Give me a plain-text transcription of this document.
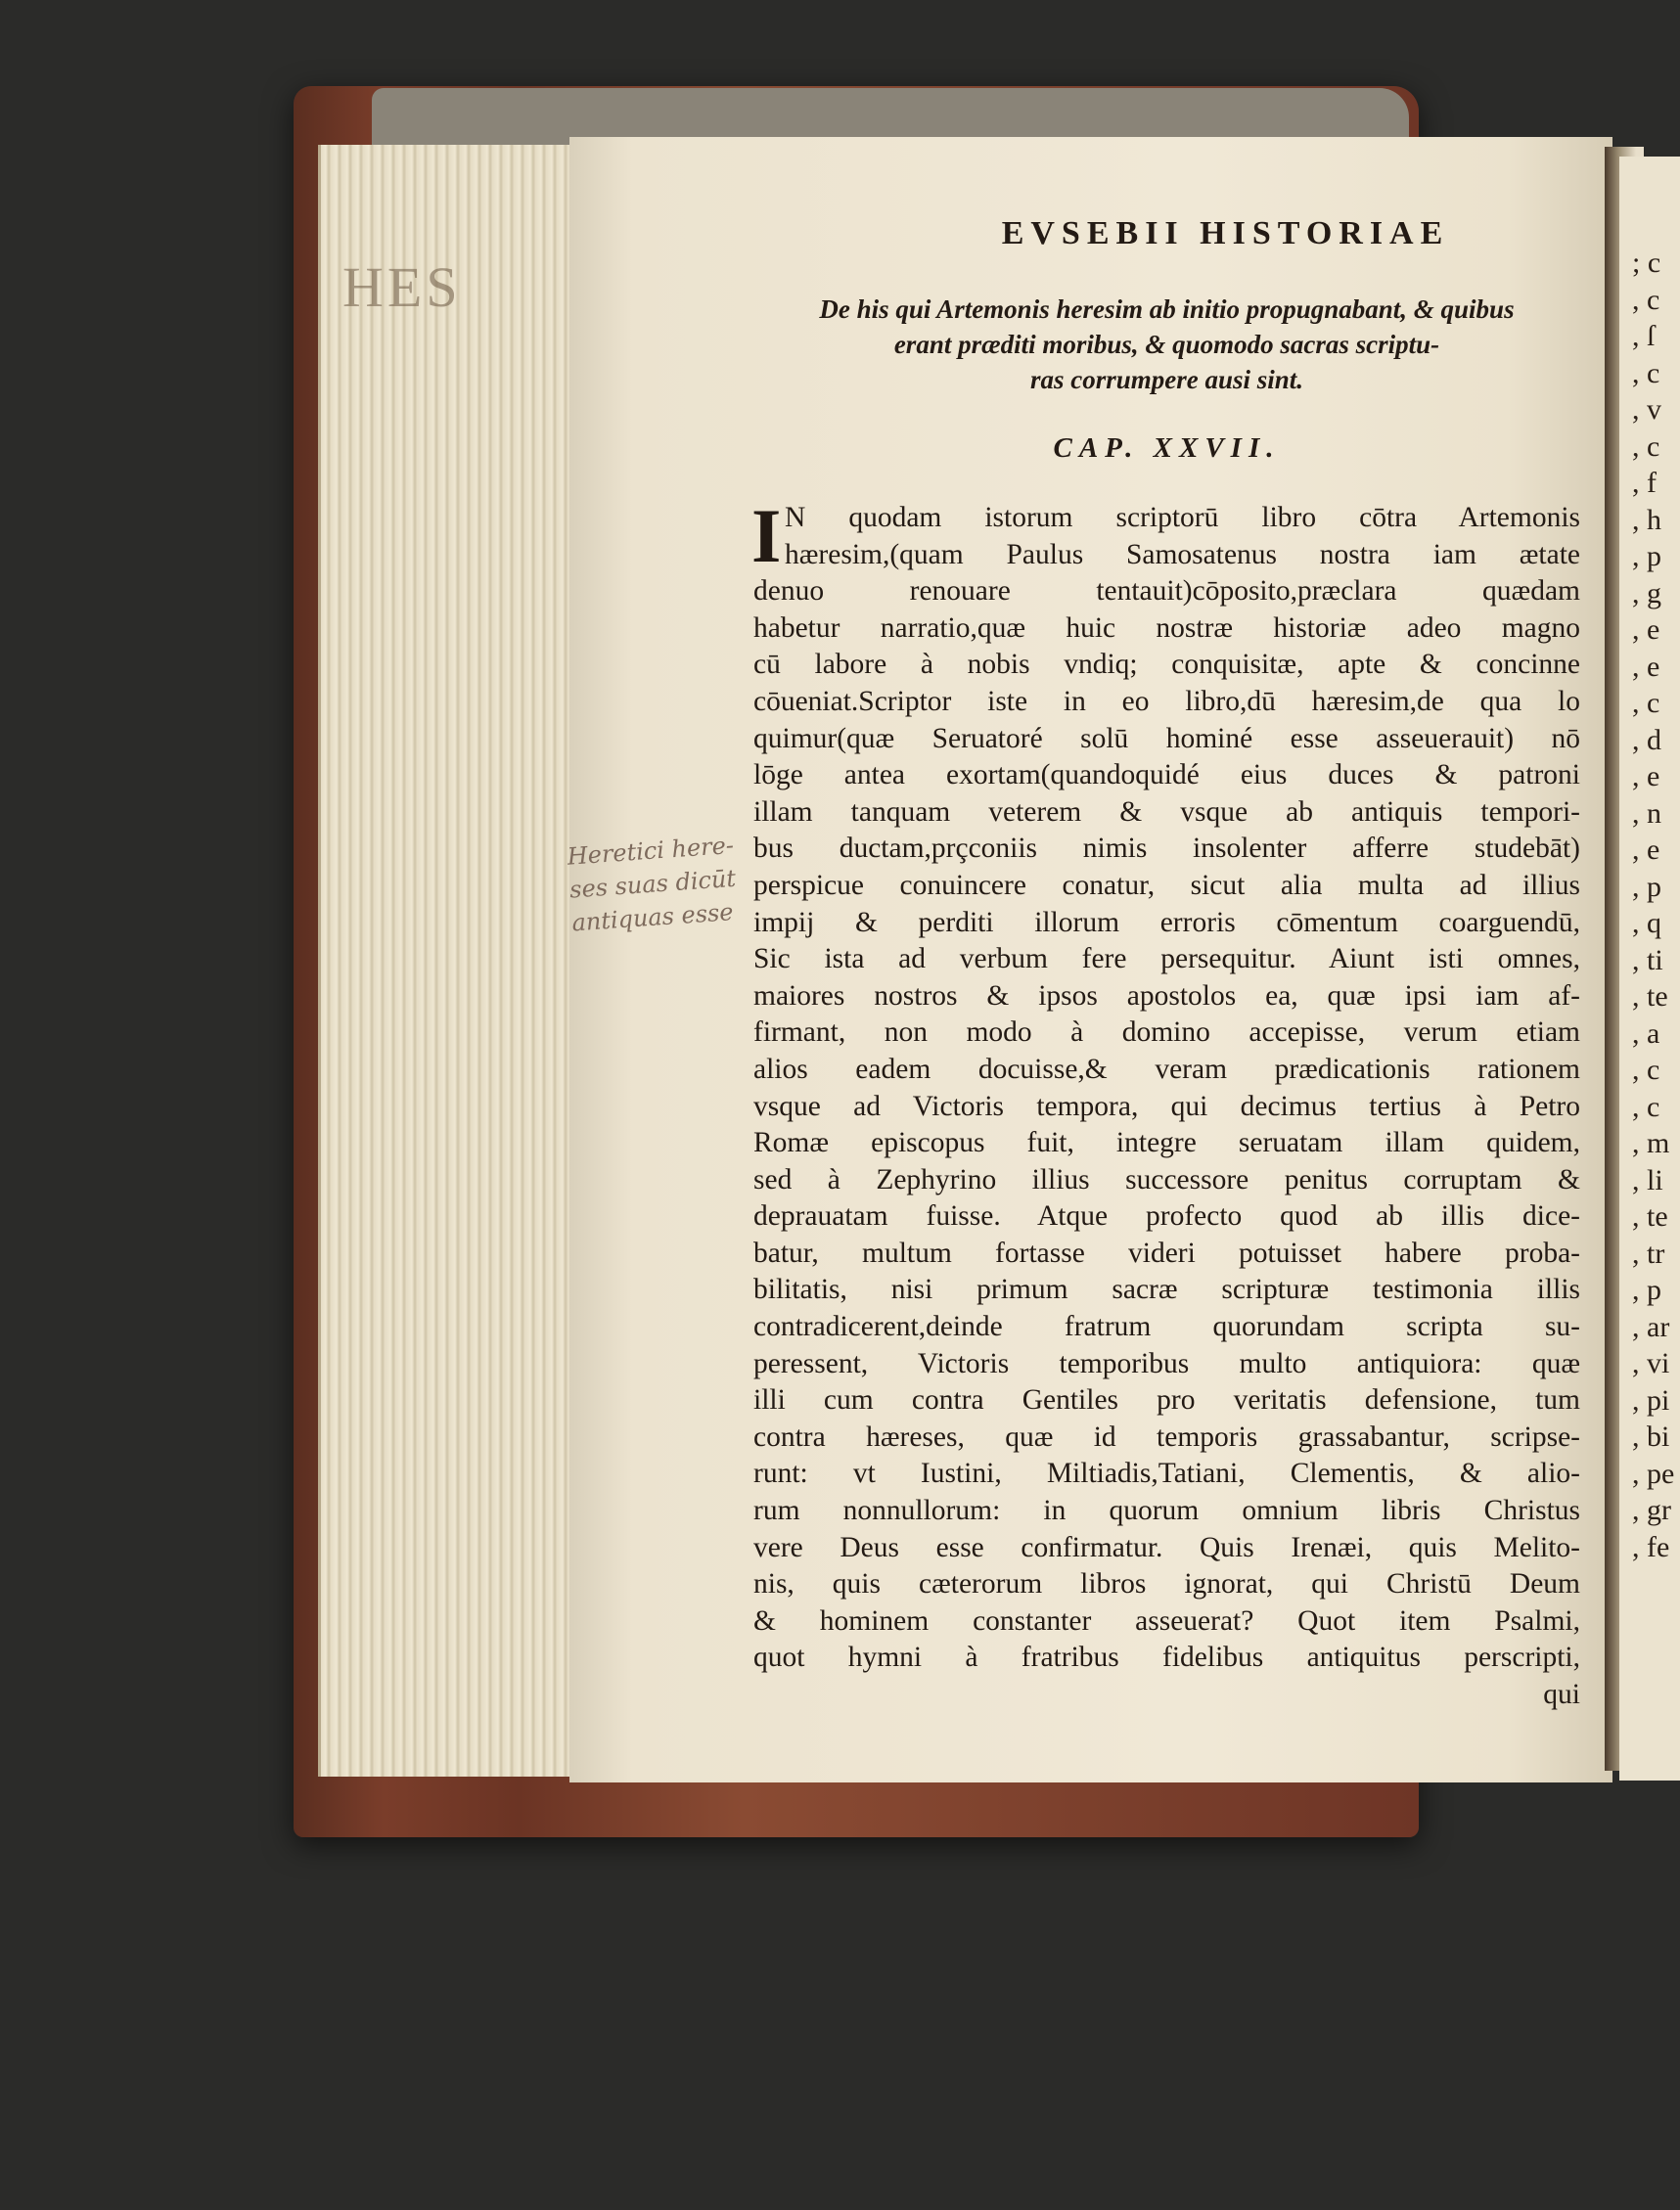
HES	; c
, c
, ſ
, c
, v
, c
, f
, h
, p
, g
, e
, e
, c
, d
, e
, n
, e
, p
, q
, ti
, te
, a
, c
, c
, m
, li
, te
, tr
, p
, ar
, vi
, pi
, bi
, pe
, gr
, fe
EVSEBII HISTORIAE
De his qui Artemonis heresim ab initio propugnabant, & quibus
erant præditi moribus, & quomodo sacras scriptu-
ras corrumpere ausi sint.
CAP. XXVII.
I N quodam istorum scriptorū libro cōtra Artemonis
hæresim,(quam Paulus Samosatenus nostra iam ætate
denuo renouare tentauit)cōposito,præclara quædam
habetur narratio,quæ huic nostræ historiæ adeo magno
cū labore à nobis vndiq; conquisitæ, apte & concinne
cōueniat.Scriptor iste in eo libro,dū hæresim,de qua lo
quimur(quæ Seruatoré solū hominé esse asseuerauit) nō
lōge antea exortam(quandoquidé eius duces & patroni
illam tanquam veterem & vsque ab antiquis tempori-
bus ductam,prçconiis nimis insolenter afferre studebāt)
perspicue conuincere conatur, sicut alia multa ad illius
impij & perditi illorum erroris cōmentum coarguendū,
Sic ista ad verbum fere persequitur. Aiunt isti omnes,
maiores nostros & ipsos apostolos ea, quæ ipsi iam af-
firmant, non modo à domino accepisse, verum etiam
alios eadem docuisse,& veram prædicationis rationem
vsque ad Victoris tempora, qui decimus tertius à Petro
Romæ episcopus fuit, integre seruatam illam quidem,
sed à Zephyrino illius successore penitus corruptam &
deprauatam fuisse. Atque profecto quod ab illis dice-
batur, multum fortasse videri potuisset habere proba-
bilitatis, nisi primum sacræ scripturæ testimonia illis
contradicerent,deinde fratrum quorundam scripta su-
peressent, Victoris temporibus multo antiquiora: quæ
illi cum contra Gentiles pro veritatis defensione, tum
contra hæreses, quæ id temporis grassabantur, scripse-
runt: vt Iustini, Miltiadis,Tatiani, Clementis, & alio-
rum nonnullorum: in quorum omnium libris Christus
vere Deus esse confirmatur. Quis Irenæi, quis Melito-
nis, quis cæterorum libros ignorat, qui Christū Deum
& hominem constanter asseuerat? Quot item Psalmi,
quot hymni à fratribus fidelibus antiquitus perscripti,
qui
Heretici here-
ses suas dicūt
antiquas esse
